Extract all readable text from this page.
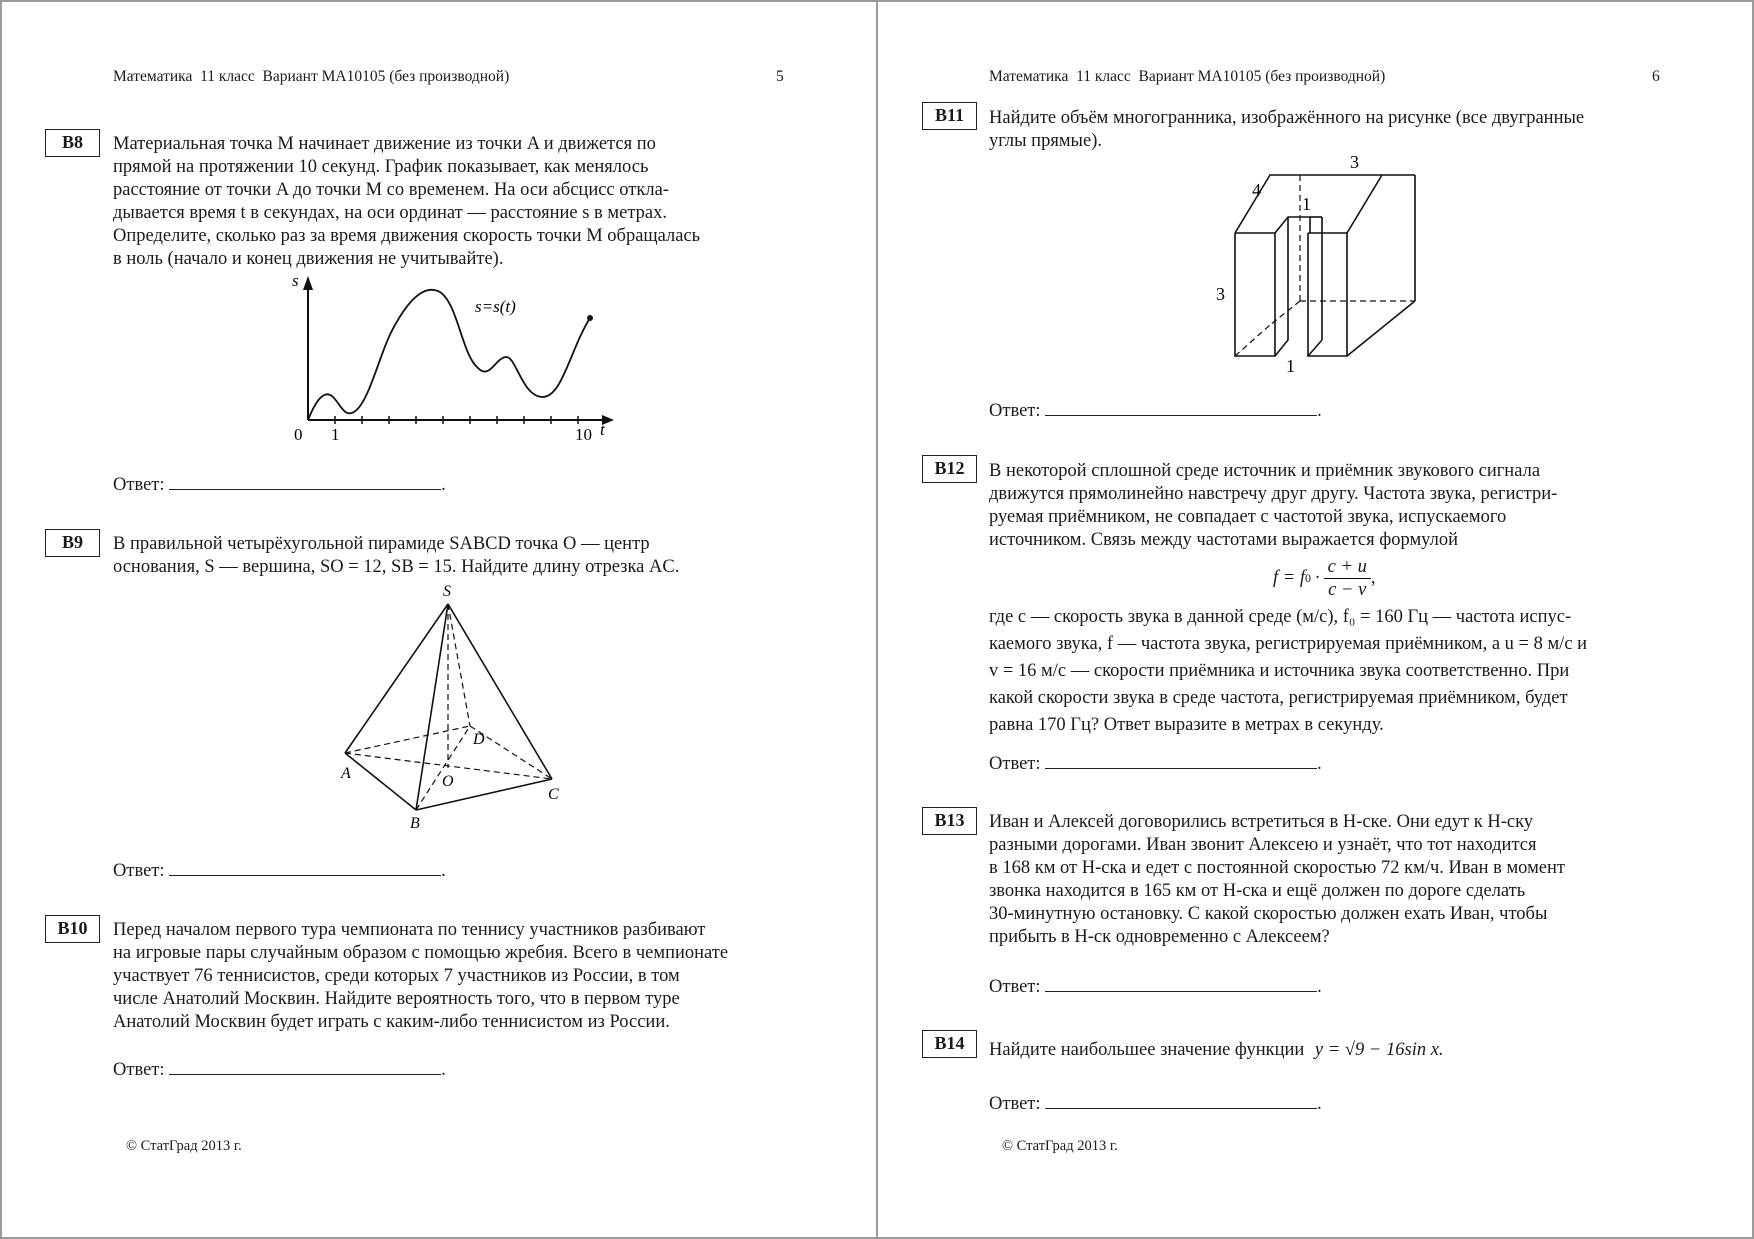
Математика  11 класс  Вариант МА10105 (без производной)	5
B8	Материальная точка M начинает движение из точки A и движется по
прямой на протяжении 10 секунд. График показывает, как менялось
расстояние от точки A до точки M со временем. На оси абсцисс откла-
дывается время t в секундах, на оси ординат — расстояние s в метрах.
Определите, сколько раз за время движения скорость точки M обращалась
в ноль (начало и конец движения не учитывайте).
s
t
s=s(t)
0 1	10
Ответ:	.
B9	В правильной четырёхугольной пирамиде SABCD точка O — центр
основания, S — вершина, SO = 12, SB = 15. Найдите длину отрезка AC.
S
A
B
C
D
O
Ответ:	.
B10	Перед началом первого тура чемпионата по теннису участников разбивают
на игровые пары случайным образом с помощью жребия. Всего в чемпионате
участвует 76 теннисистов, среди которых 7 участников из России, в том
числе Анатолий Москвин. Найдите вероятность того, что в первом туре
Анатолий Москвин будет играть с каким-либо теннисистом из России.
Ответ:	.
© СтатГрад 2013 г.
Математика  11 класс  Вариант МА10105 (без производной)	6
B11	Найдите объём многогранника, изображённого на рисунке (все двугранные
углы прямые).
3
4
1
3
1
Ответ:	.
B12	В некоторой сплошной среде источник и приёмник звукового сигнала
движутся прямолинейно навстречу друг другу. Частота звука, регистри-
руемая приёмником, не совпадает с частотой звука, испускаемого
источником. Связь между частотами выражается формулой
f = f $0 \cdot \frac{c + u}{c - v}$ ,
где c — скорость звука в данной среде (м/с), f₀ = 160 Гц — частота испус-
каемого звука, f — частота звука, регистрируемая приёмником, а u = 8 м/с и
v = 16 м/с — скорости приёмника и источника звука соответственно. При
какой скорости звука в среде частота, регистрируемая приёмником, будет
равна 170 Гц? Ответ выразите в метрах в секунду.
Ответ:	.
B13	Иван и Алексей договорились встретиться в Н-ске. Они едут к Н-ску
разными дорогами. Иван звонит Алексею и узнаёт, что тот находится
в 168 км от Н-ска и едет с постоянной скоростью 72 км/ч. Иван в момент
звонка находится в 165 км от Н-ска и ещё должен по дороге сделать
30-минутную остановку. С какой скоростью должен ехать Иван, чтобы
прибыть в Н-ск одновременно с Алексеем?
Ответ:	.
B14	Найдите наибольшее значение функции y = √9 − 16sin x.
Ответ:	.
© СтатГрад 2013 г.
